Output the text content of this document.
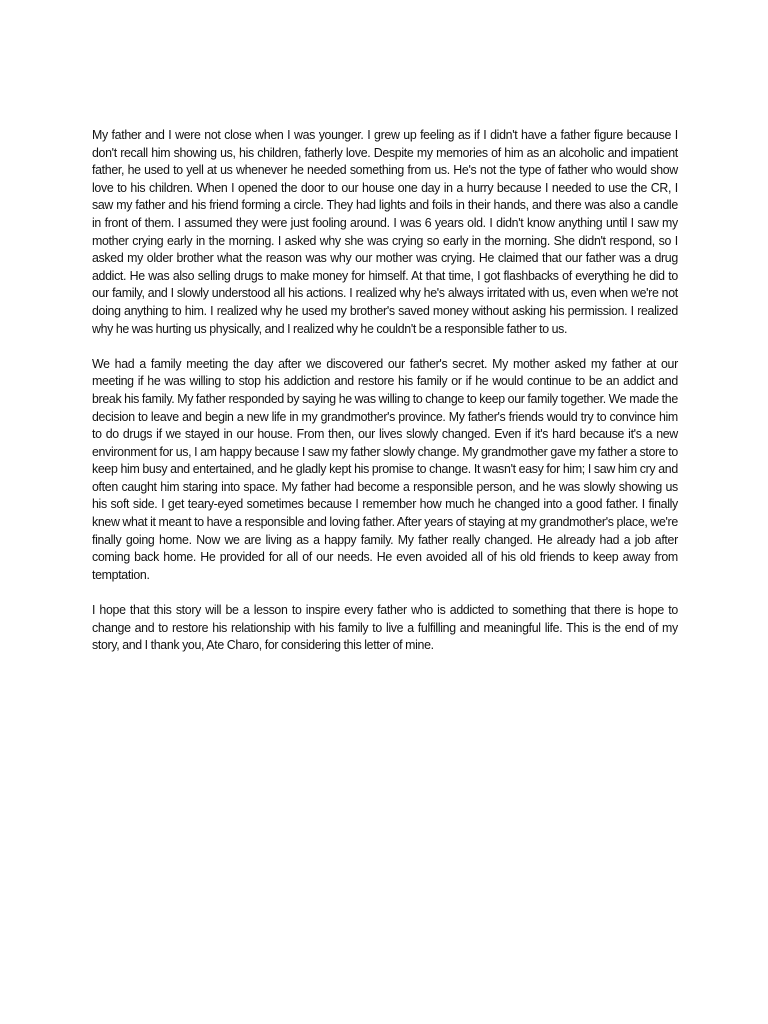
My father and I were not close when I was younger. I grew up feeling as if I didn't have a father figure because I don't recall him showing us, his children, fatherly love. Despite my memories of him as an alcoholic and impatient father, he used to yell at us whenever he needed something from us. He's not the type of father who would show love to his children. When I opened the door to our house one day in a hurry because I needed to use the CR, I saw my father and his friend forming a circle. They had lights and foils in their hands, and there was also a candle in front of them. I assumed they were just fooling around. I was 6 years old. I didn't know anything until I saw my mother crying early in the morning. I asked why she was crying so early in the morning. She didn't respond, so I asked my older brother what the reason was why our mother was crying. He claimed that our father was a drug addict. He was also selling drugs to make money for himself. At that time, I got flashbacks of everything he did to our family, and I slowly understood all his actions. I realized why he's always irritated with us, even when we're not doing anything to him. I realized why he used my brother's saved money without asking his permission. I realized why he was hurting us physically, and I realized why he couldn't be a responsible father to us.

We had a family meeting the day after we discovered our father's secret. My mother asked my father at our meeting if he was willing to stop his addiction and restore his family or if he would continue to be an addict and break his family. My father responded by saying he was willing to change to keep our family together. We made the decision to leave and begin a new life in my grandmother's province. My father's friends would try to convince him to do drugs if we stayed in our house. From then, our lives slowly changed. Even if it's hard because it's a new environment for us, I am happy because I saw my father slowly change. My grandmother gave my father a store to keep him busy and entertained, and he gladly kept his promise to change. It wasn't easy for him; I saw him cry and often caught him staring into space. My father had become a responsible person, and he was slowly showing us his soft side. I get teary-eyed sometimes because I remember how much he changed into a good father. I finally knew what it meant to have a responsible and loving father. After years of staying at my grandmother's place, we're finally going home. Now we are living as a happy family. My father really changed. He already had a job after coming back home. He provided for all of our needs. He even avoided all of his old friends to keep away from temptation.

I hope that this story will be a lesson to inspire every father who is addicted to something that there is hope to change and to restore his relationship with his family to live a fulfilling and meaningful life. This is the end of my story, and I thank you, Ate Charo, for considering this letter of mine.
